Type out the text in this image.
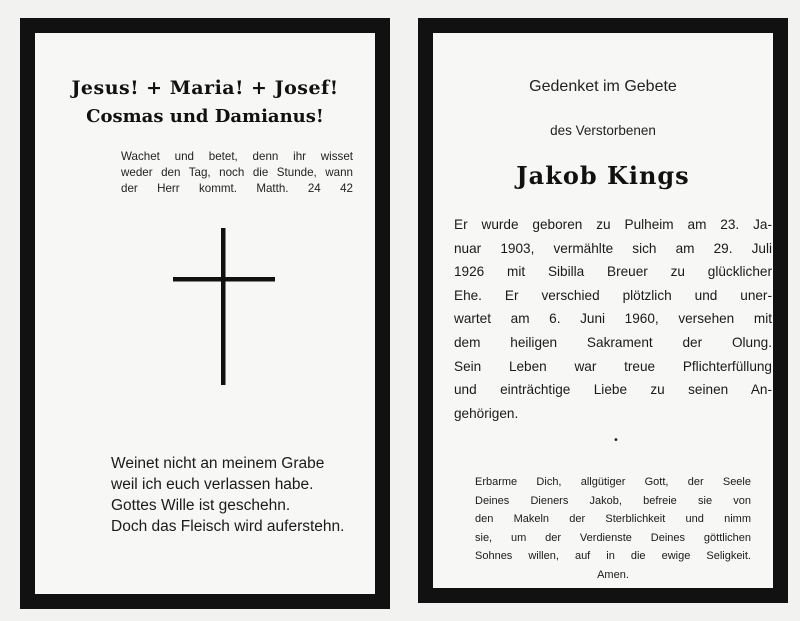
Jesus! + Maria! + Josef!
Cosmas und Damianus!
Wachet und betet, denn ihr wisset
weder den Tag, noch die Stunde, wann
der Herr kommt. Matth. 24 42
Weinet nicht an meinem Grabe
weil ich euch verlassen habe.
Gottes Wille ist geschehn.
Doch das Fleisch wird auferstehn.
Gedenket im Gebete
des Verstorbenen
Jakob Kings
Er wurde geboren zu Pulheim am 23. Ja-
nuar 1903, vermählte sich am 29. Juli
1926 mit Sibilla Breuer zu glücklicher
Ehe. Er verschied plötzlich und uner-
wartet am 6. Juni 1960, versehen mit
dem heiligen Sakrament der Olung.
Sein Leben war treue Pflichterfüllung
und einträchtige Liebe zu seinen An-
gehörigen.
•
Erbarme Dich, allgütiger Gott, der Seele
Deines Dieners Jakob, befreie sie von
den Makeln der Sterblichkeit und nimm
sie, um der Verdienste Deines göttlichen
Sohnes willen, auf in die ewige Seligkeit.
Amen.
